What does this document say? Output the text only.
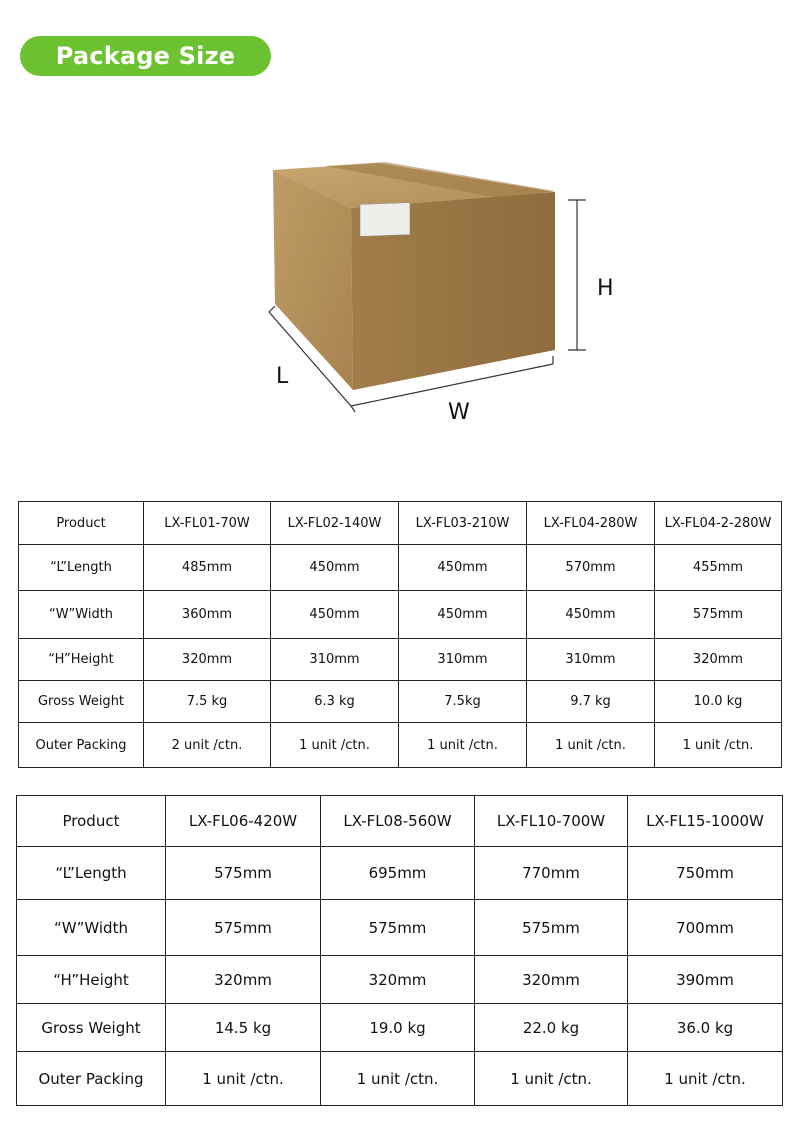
Package Size
H
L
W
Product	LX-FL01-70W	LX-FL02-140W	LX-FL03-210W	LX-FL04-280W	LX-FL04-2-280W
“L”Length	485mm	450mm	450mm	570mm	455mm
“W”Width	360mm	450mm	450mm	450mm	575mm
“H”Height	320mm	310mm	310mm	310mm	320mm
Gross Weight	7.5 kg	6.3 kg	7.5kg	9.7 kg	10.0 kg
Outer Packing	2 unit /ctn.	1 unit /ctn.	1 unit /ctn.	1 unit /ctn.	1 unit /ctn.
Product	LX-FL06-420W	LX-FL08-560W	LX-FL10-700W	LX-FL15-1000W
“L”Length	575mm	695mm	770mm	750mm
“W”Width	575mm	575mm	575mm	700mm
“H”Height	320mm	320mm	320mm	390mm
Gross Weight	14.5 kg	19.0 kg	22.0 kg	36.0 kg
Outer Packing	1 unit /ctn.	1 unit /ctn.	1 unit /ctn.	1 unit /ctn.
